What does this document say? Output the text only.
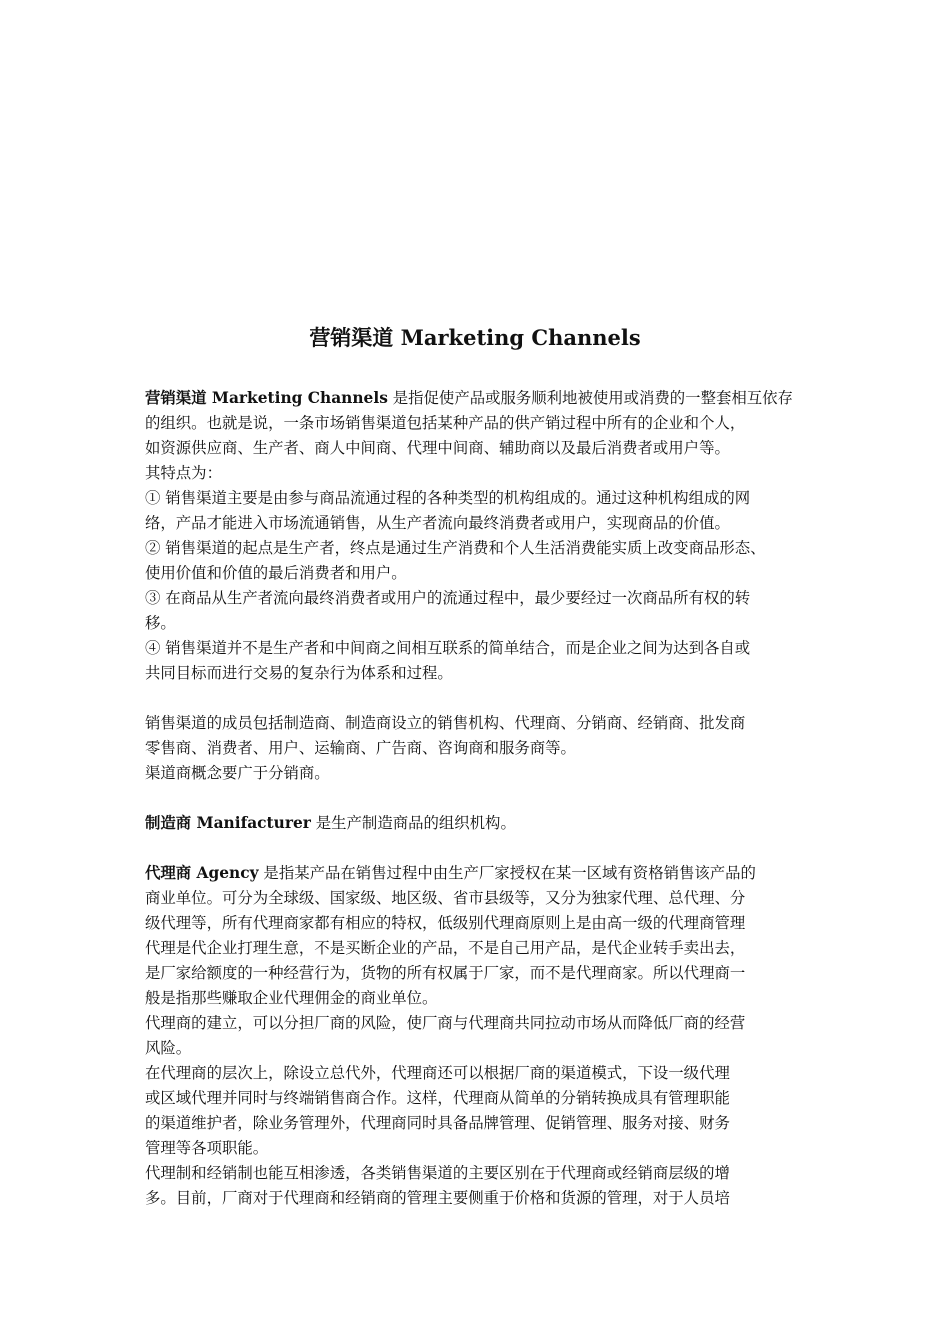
营销渠道 Marketing Channels
营销渠道 Marketing Channels 是指促使产品或服务顺利地被使用或消费的一整套相互依存
的组织。也就是说，一条市场销售渠道包括某种产品的供产销过程中所有的企业和个人，
如资源供应商、生产者、商人中间商、代理中间商、辅助商以及最后消费者或用户等。
其特点为：
① 销售渠道主要是由参与商品流通过程的各种类型的机构组成的。通过这种机构组成的网
络，产品才能进入市场流通销售，从生产者流向最终消费者或用户，实现商品的价值。
② 销售渠道的起点是生产者，终点是通过生产消费和个人生活消费能实质上改变商品形态、
使用价值和价值的最后消费者和用户。
③ 在商品从生产者流向最终消费者或用户的流通过程中，最少要经过一次商品所有权的转
移。
④ 销售渠道并不是生产者和中间商之间相互联系的简单结合，而是企业之间为达到各自或
共同目标而进行交易的复杂行为体系和过程。
销售渠道的成员包括制造商、制造商设立的销售机构、代理商、分销商、经销商、批发商
零售商、消费者、用户、运输商、广告商、咨询商和服务商等。
渠道商概念要广于分销商。
制造商 Manifacturer 是生产制造商品的组织机构。
代理商 Agency 是指某产品在销售过程中由生产厂家授权在某一区域有资格销售该产品的
商业单位。可分为全球级、国家级、地区级、省市县级等，又分为独家代理、总代理、分
级代理等，所有代理商家都有相应的特权，低级别代理商原则上是由高一级的代理商管理
代理是代企业打理生意，不是买断企业的产品，不是自己用产品，是代企业转手卖出去，
是厂家给额度的一种经营行为，货物的所有权属于厂家，而不是代理商家。所以代理商一
般是指那些赚取企业代理佣金的商业单位。
代理商的建立，可以分担厂商的风险，使厂商与代理商共同拉动市场从而降低厂商的经营
风险。
在代理商的层次上，除设立总代外，代理商还可以根据厂商的渠道模式，下设一级代理
或区域代理并同时与终端销售商合作。这样，代理商从简单的分销转换成具有管理职能
的渠道维护者，除业务管理外，代理商同时具备品牌管理、促销管理、服务对接、财务
管理等各项职能。
代理制和经销制也能互相渗透，各类销售渠道的主要区别在于代理商或经销商层级的增
多。目前，厂商对于代理商和经销商的管理主要侧重于价格和货源的管理，对于人员培
